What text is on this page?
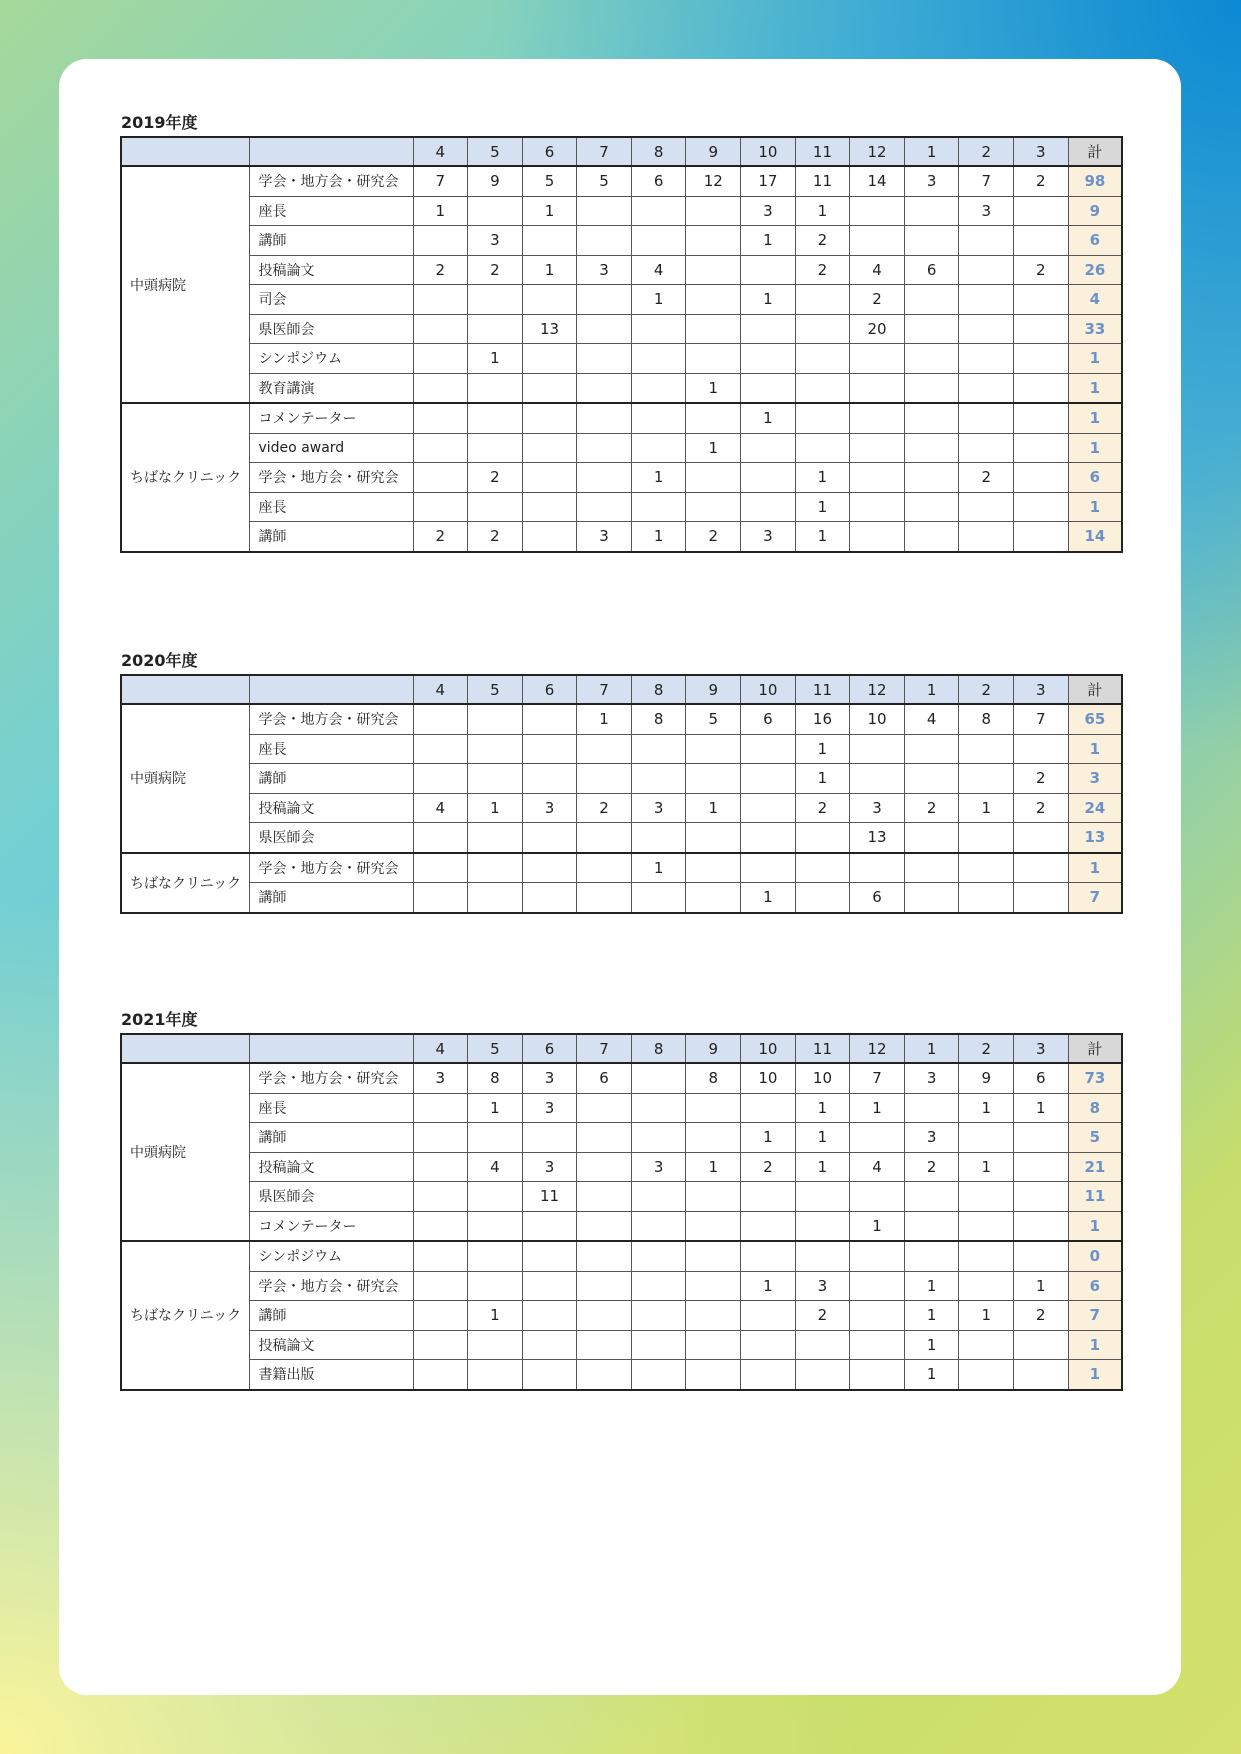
2019年度
		4	5	6	7	8	9	10	11	12	1	2	3	計
中頭病院	学会・地方会・研究会	7	9	5	5	6	12	17	11	14	3	7	2	98
	座長	1		1				3	1			3		9
	講師		3					1	2					6
	投稿論文	2	2	1	3	4			2	4	6		2	26
	司会					1		1		2				4
	県医師会			13						20				33
	シンポジウム		1											1
	教育講演						1							1
ちばなクリニック	コメンテーター							1						1
	video award						1							1
	学会・地方会・研究会		2			1			1			2		6
	座長								1					1
	講師	2	2		3	1	2	3	1					14
2020年度
		4	5	6	7	8	9	10	11	12	1	2	3	計
中頭病院	学会・地方会・研究会				1	8	5	6	16	10	4	8	7	65
	座長								1					1
	講師								1				2	3
	投稿論文	4	1	3	2	3	1		2	3	2	1	2	24
	県医師会									13				13
ちばなクリニック	学会・地方会・研究会					1								1
	講師							1		6				7
2021年度
		4	5	6	7	8	9	10	11	12	1	2	3	計
中頭病院	学会・地方会・研究会	3	8	3	6		8	10	10	7	3	9	6	73
	座長		1	3					1	1		1	1	8
	講師							1	1		3			5
	投稿論文		4	3		3	1	2	1	4	2	1		21
	県医師会			11										11
	コメンテーター									1				1
ちばなクリニック	シンポジウム													0
	学会・地方会・研究会							1	3		1		1	6
	講師		1						2		1	1	2	7
	投稿論文										1			1
	書籍出版										1			1
